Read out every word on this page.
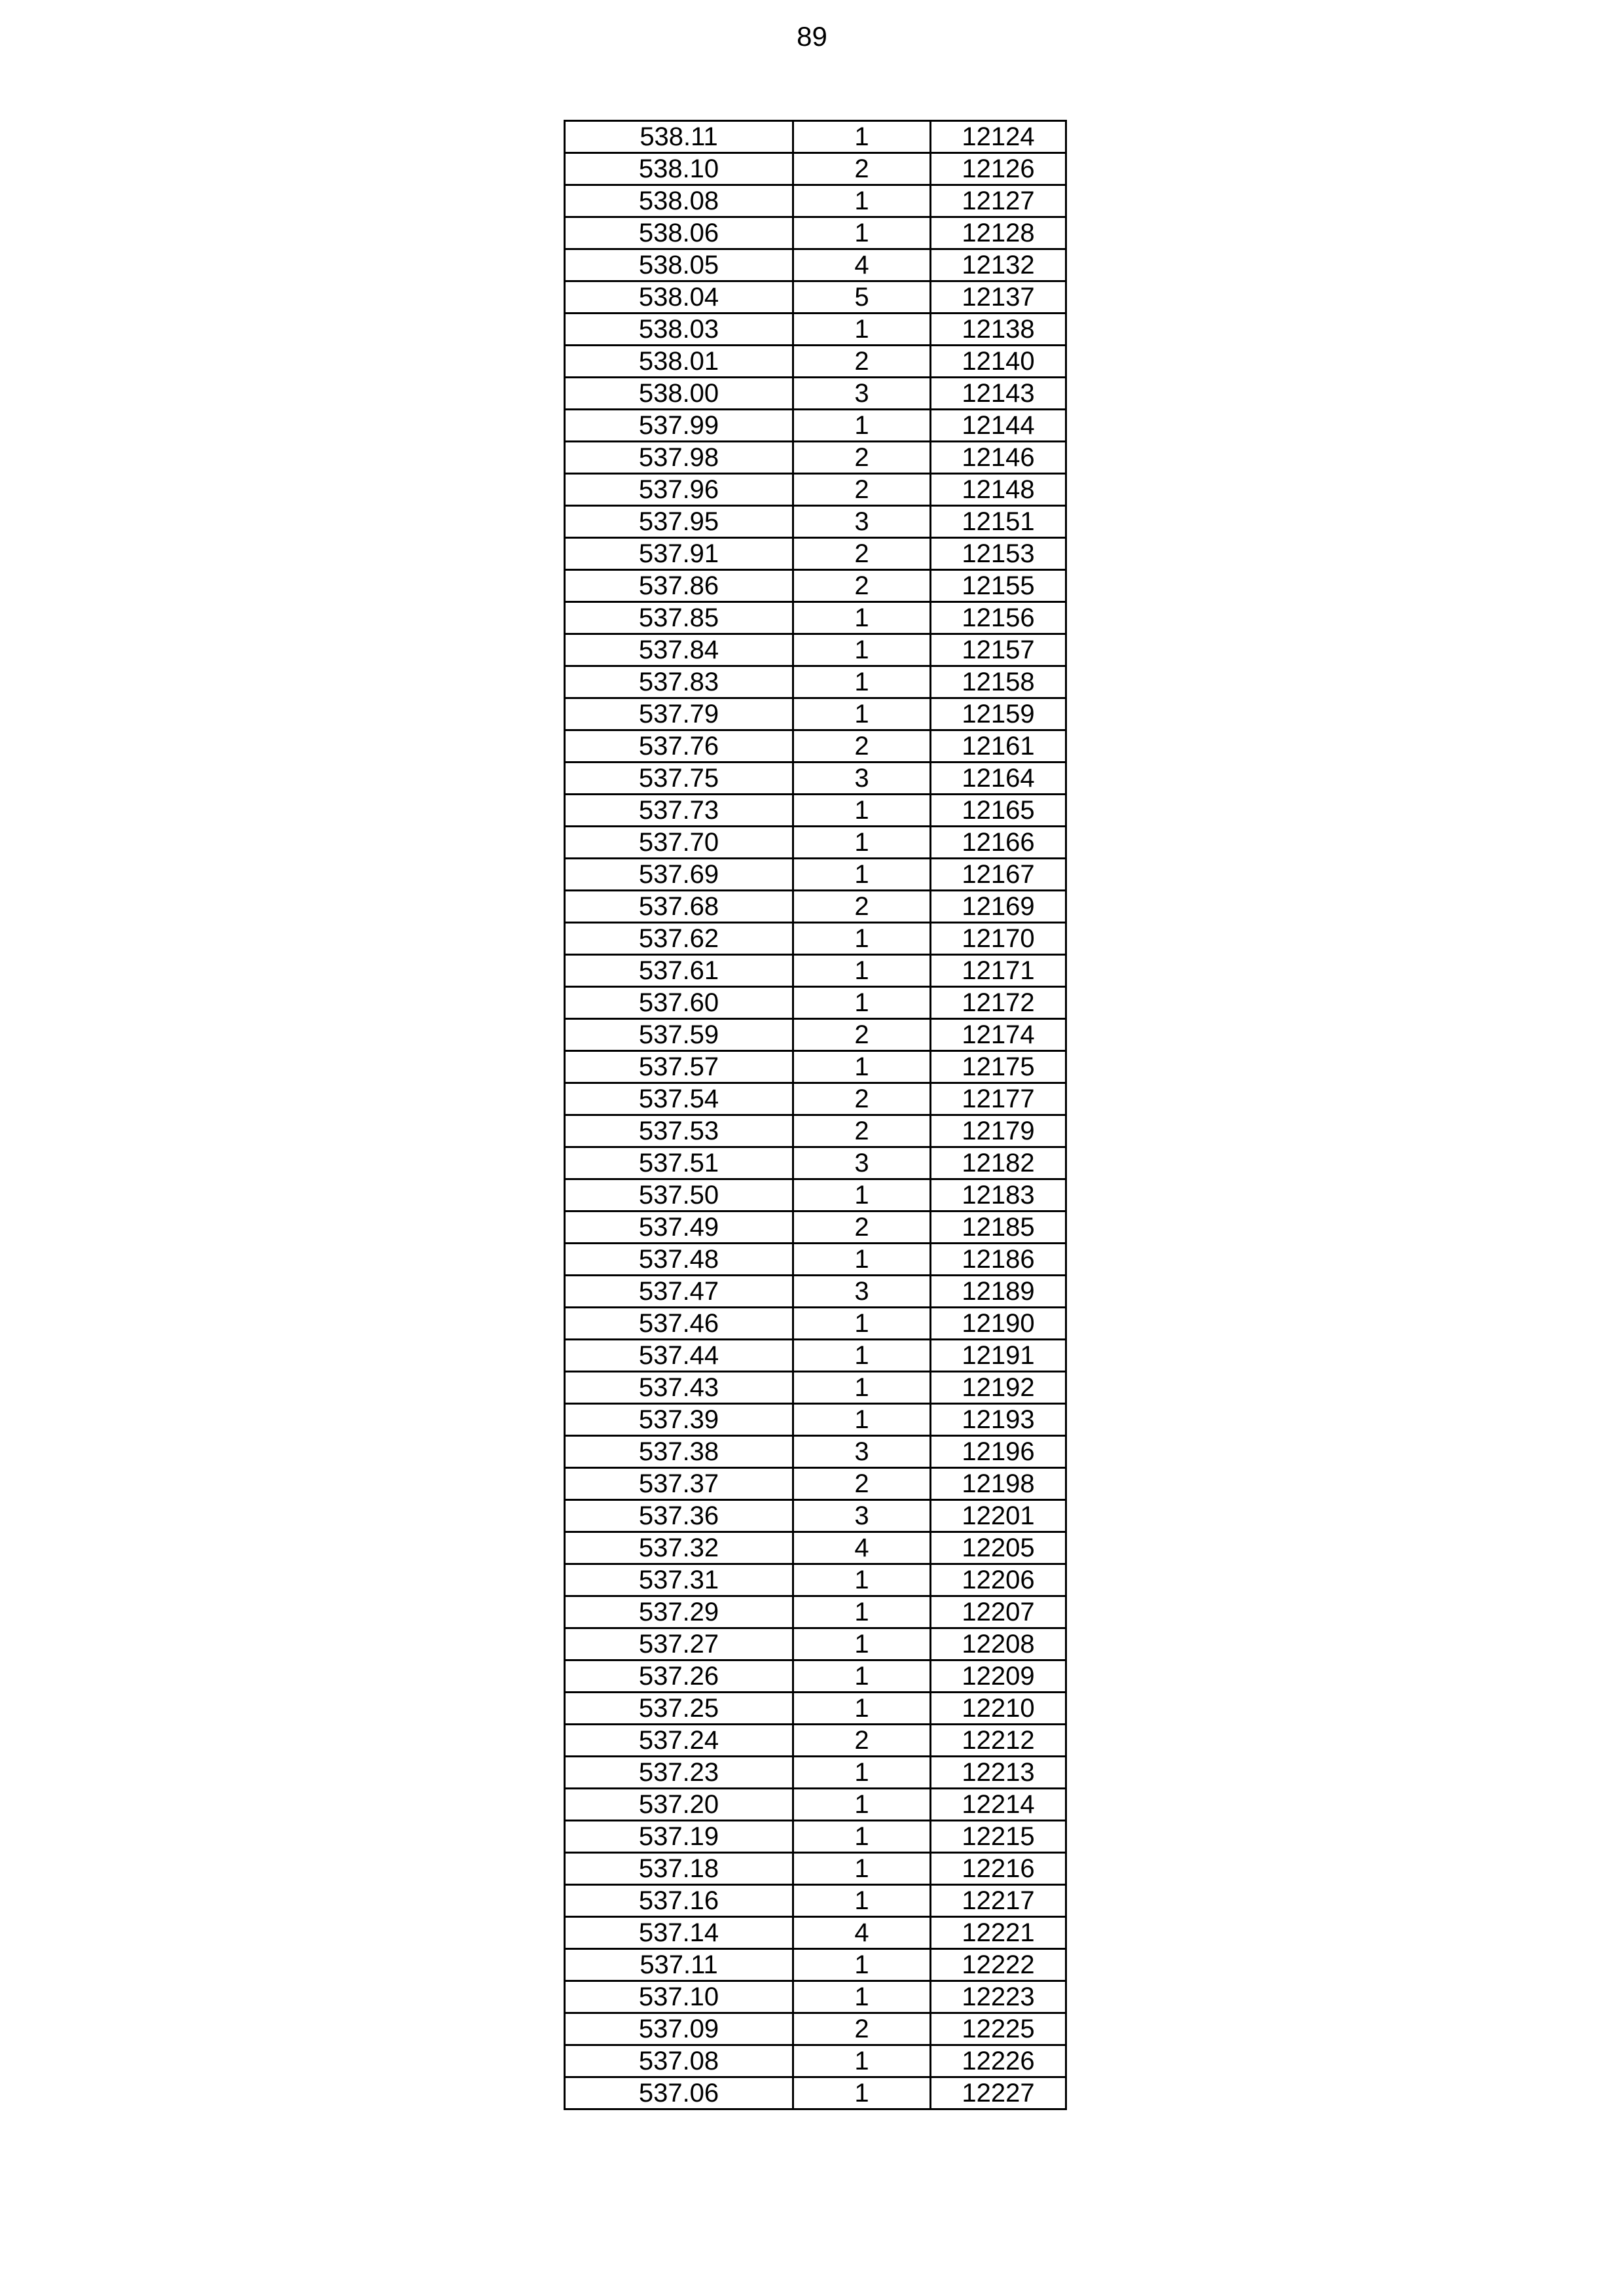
89
538.11	1	12124
538.10	2	12126
538.08	1	12127
538.06	1	12128
538.05	4	12132
538.04	5	12137
538.03	1	12138
538.01	2	12140
538.00	3	12143
537.99	1	12144
537.98	2	12146
537.96	2	12148
537.95	3	12151
537.91	2	12153
537.86	2	12155
537.85	1	12156
537.84	1	12157
537.83	1	12158
537.79	1	12159
537.76	2	12161
537.75	3	12164
537.73	1	12165
537.70	1	12166
537.69	1	12167
537.68	2	12169
537.62	1	12170
537.61	1	12171
537.60	1	12172
537.59	2	12174
537.57	1	12175
537.54	2	12177
537.53	2	12179
537.51	3	12182
537.50	1	12183
537.49	2	12185
537.48	1	12186
537.47	3	12189
537.46	1	12190
537.44	1	12191
537.43	1	12192
537.39	1	12193
537.38	3	12196
537.37	2	12198
537.36	3	12201
537.32	4	12205
537.31	1	12206
537.29	1	12207
537.27	1	12208
537.26	1	12209
537.25	1	12210
537.24	2	12212
537.23	1	12213
537.20	1	12214
537.19	1	12215
537.18	1	12216
537.16	1	12217
537.14	4	12221
537.11	1	12222
537.10	1	12223
537.09	2	12225
537.08	1	12226
537.06	1	12227
